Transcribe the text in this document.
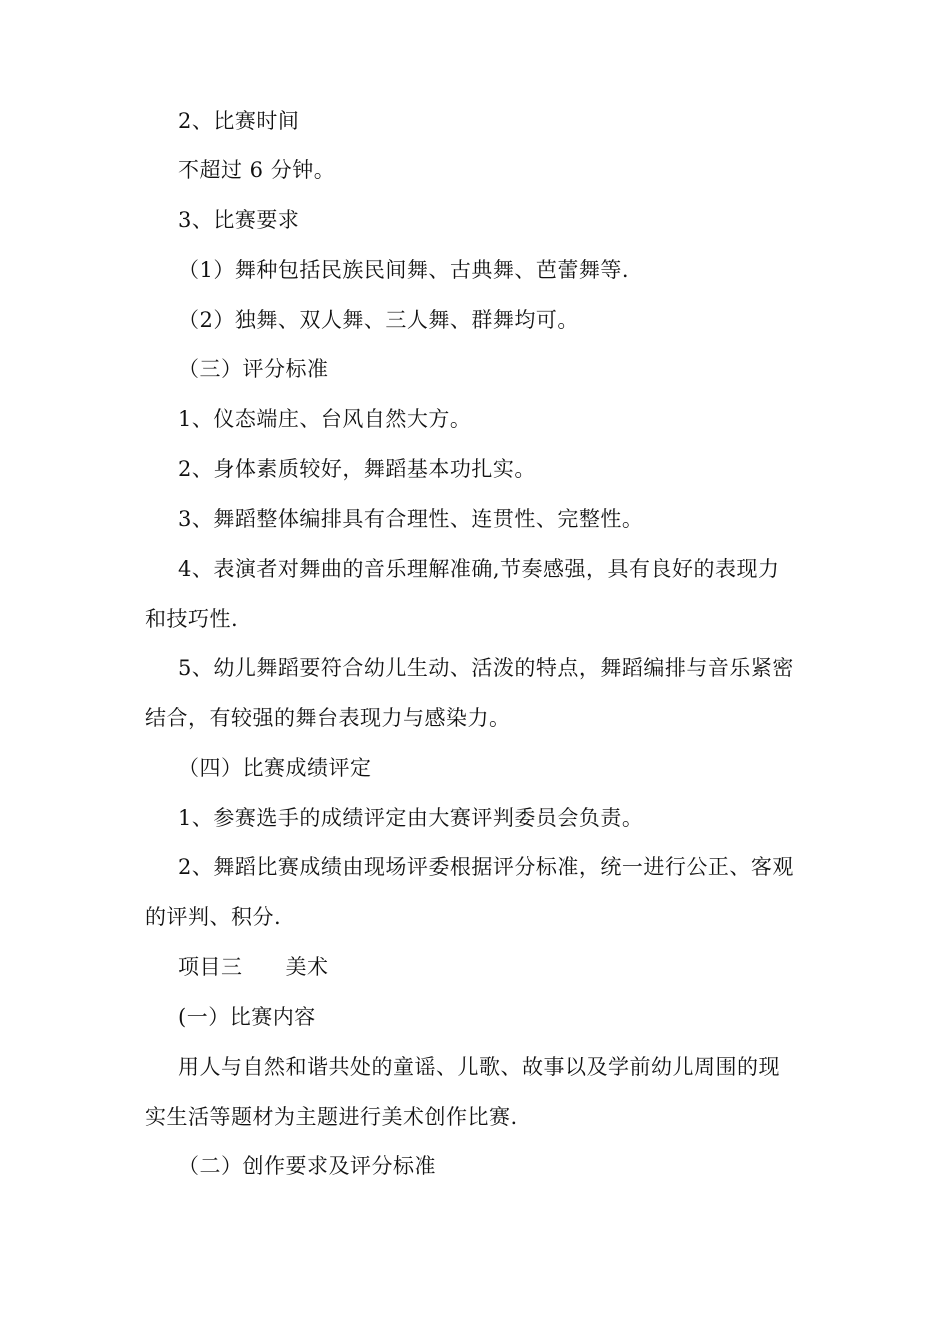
2、比赛时间
不超过 6 分钟。
3、比赛要求
（1）舞种包括民族民间舞、古典舞、芭蕾舞等.
（2）独舞、双人舞、三人舞、群舞均可。
（三）评分标准
1、仪态端庄、台风自然大方。
2、身体素质较好，舞蹈基本功扎实。
3、舞蹈整体编排具有合理性、连贯性、完整性。
4、表演者对舞曲的音乐理解准确,节奏感强，具有良好的表现力
和技巧性.
5、幼儿舞蹈要符合幼儿生动、活泼的特点，舞蹈编排与音乐紧密
结合，有较强的舞台表现力与感染力。
（四）比赛成绩评定
1、参赛选手的成绩评定由大赛评判委员会负责。
2、舞蹈比赛成绩由现场评委根据评分标准，统一进行公正、客观
的评判、积分.
项目三　　美术
(一）比赛内容
用人与自然和谐共处的童谣、儿歌、故事以及学前幼儿周围的现
实生活等题材为主题进行美术创作比赛.
（二）创作要求及评分标准
